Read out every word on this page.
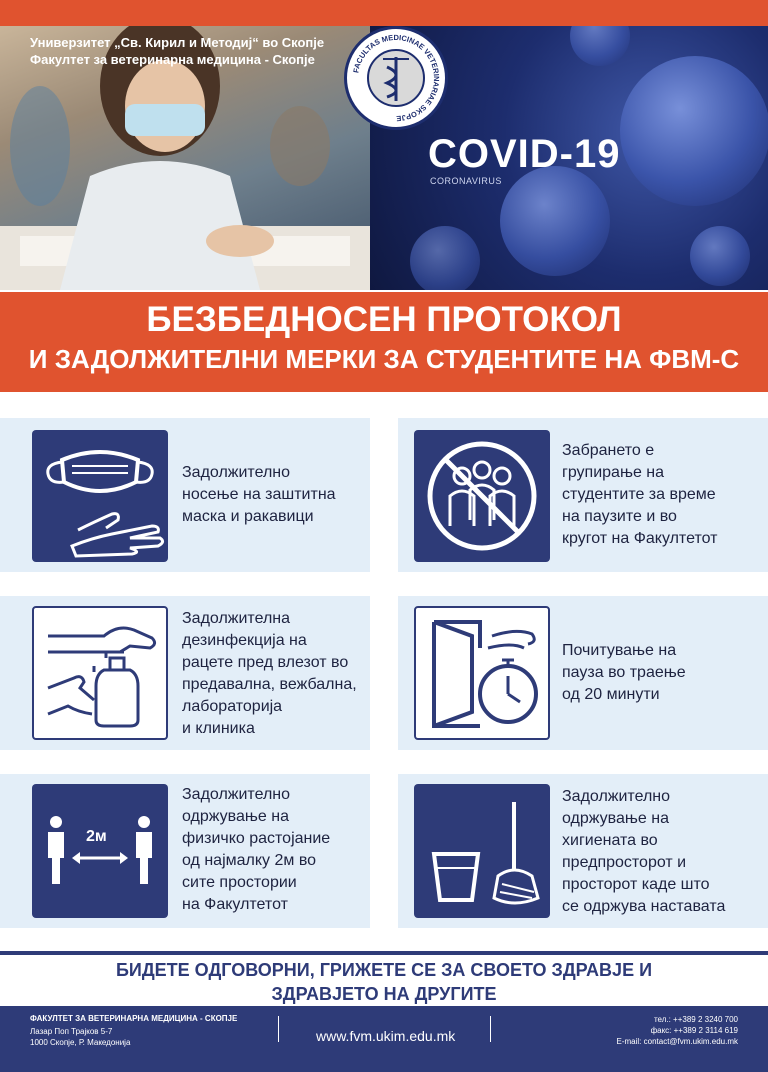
Универзитет „Св. Кирил и Методиј“ во Скопје
Факултет за ветеринарна медицина - Скопје
FACULTAS MEDICINAE VETERINARIAE SKOPJE
COVID-19
CORONAVIRUS
БЕЗБЕДНОСЕН ПРОТОКОЛ
И ЗАДОЛЖИТЕЛНИ МЕРКИ ЗА СТУДЕНТИТЕ НА ФВМ-С
Задолжително
носење на заштитна
маска и ракавици
Забрането е
групирање на
студентите за време
на паузите и во
кругот на Факултетот
Задолжителна
дезинфекција на
рацете пред влезот во
предавална, вежбална,
лабораторија
и клиника
Почитување на
пауза во траење
од 20 минути
2м
Задолжително
одржување на
физичко растојание
од најмалку 2м во
сите простории
на Факултетот
Задолжително
одржување на
хигиената во
предпросторот и
просторот каде што
се одржува наставата
БИДЕТЕ ОДГОВОРНИ, ГРИЖЕТЕ СЕ ЗА СВОЕТО ЗДРАВЈЕ И
ЗДРАВЈЕТО НА ДРУГИТЕ
ФАКУЛТЕТ ЗА ВЕТЕРИНАРНА МЕДИЦИНА - СКОПЈЕ
Лазар Поп Трајков 5-7
1000 Скопје, Р. Македонија	www.fvm.ukim.edu.mk
тел.: ++389 2 3240 700
факс: ++389 2 3114 619
E-mail: contact@fvm.ukim.edu.mk
